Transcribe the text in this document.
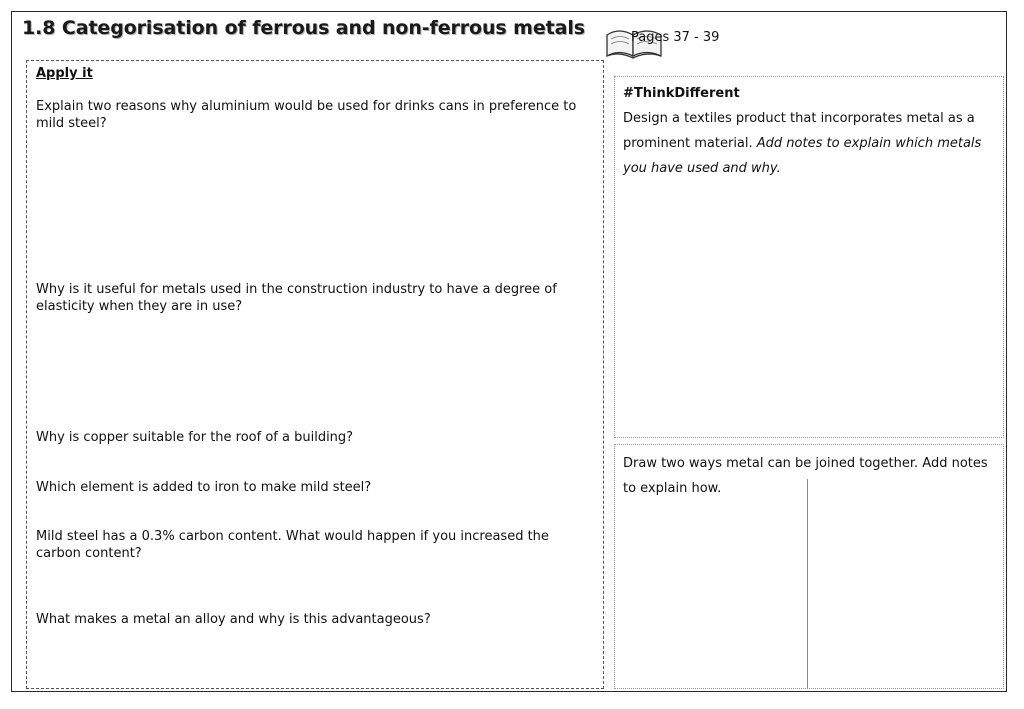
1.8 Categorisation of ferrous and non-ferrous metals	Pages 37 - 39
Apply it

Explain two reasons why aluminium would be used for drinks cans in preference to mild steel?

Why is it useful for metals used in the construction industry to have a degree of elasticity when they are in use?

Why is copper suitable for the roof of a building?

Which element is added to iron to make mild steel?

Mild steel has a 0.3% carbon content. What would happen if you increased the carbon content?

What makes a metal an alloy and why is this advantageous?

#ThinkDifferent

Design a textiles product that incorporates metal as a prominent material. Add notes to explain which metals you have used and why.

Draw two ways metal can be joined together. Add notes to explain how.
